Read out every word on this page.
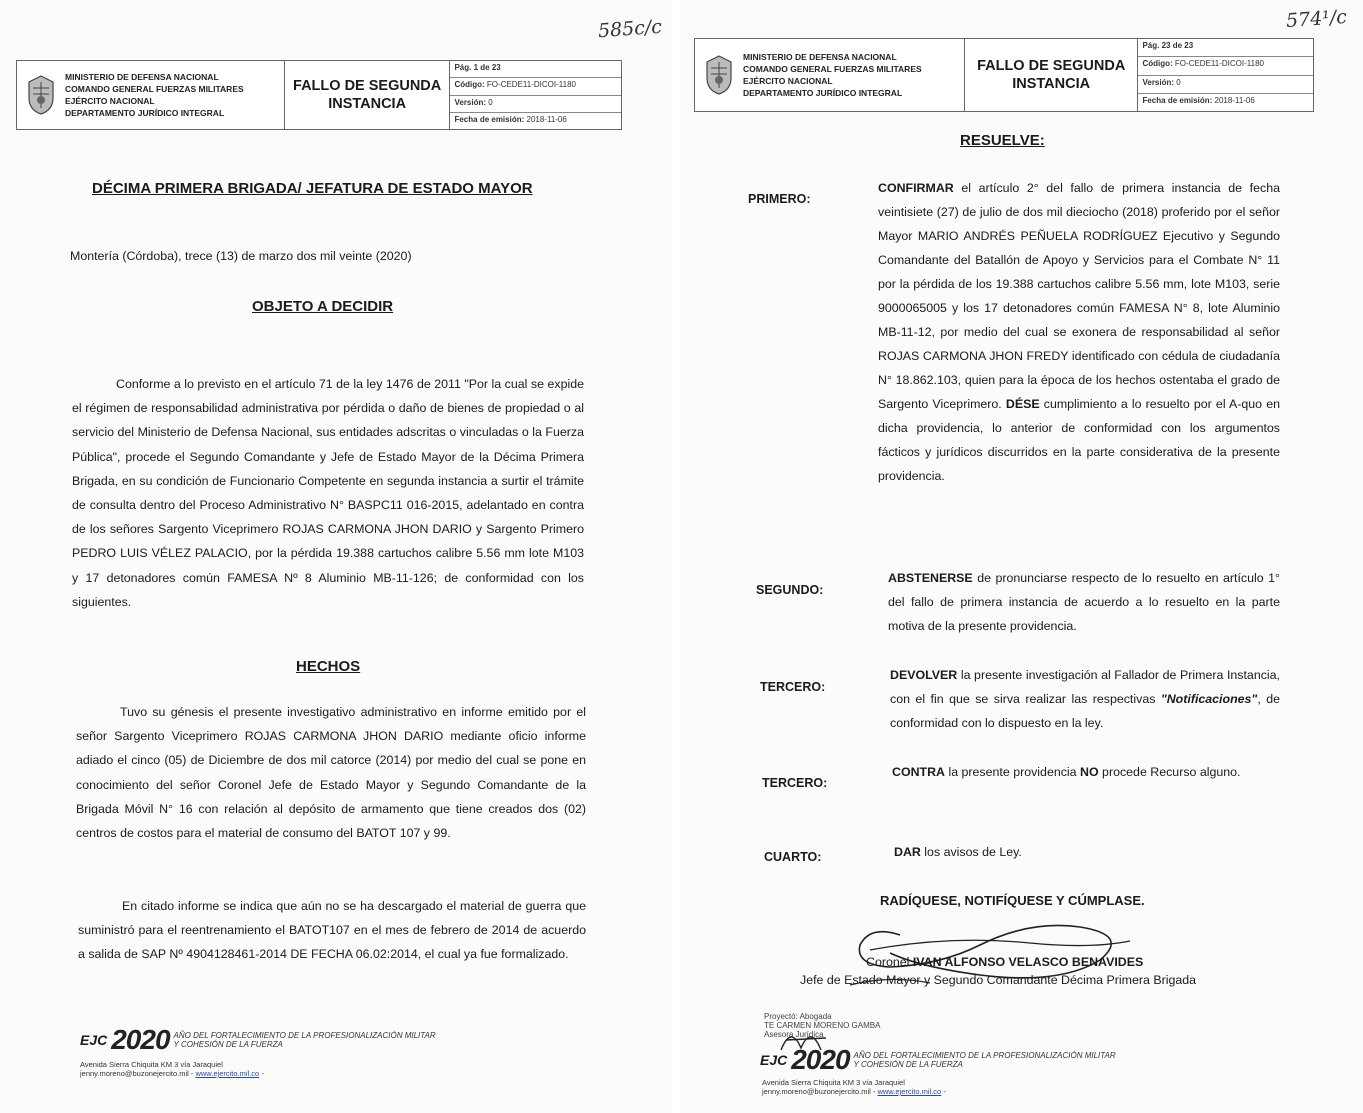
585c/c
MINISTERIO DE DEFENSA NACIONAL
COMANDO GENERAL FUERZAS MILITARES
EJÉRCITO NACIONAL
DEPARTAMENTO JURÍDICO INTEGRAL
FALLO DE SEGUNDA
INSTANCIA
Pág. 1 de 23
Código: FO-CEDE11-DICOI-1180
Versión: 0
Fecha de emisión: 2018-11-06
DÉCIMA PRIMERA BRIGADA/ JEFATURA DE ESTADO MAYOR
Montería (Córdoba), trece (13) de marzo dos mil veinte (2020)
OBJETO A DECIDIR

Conforme a lo previsto en el artículo 71 de la ley 1476 de 2011 "Por la cual se expide el régimen de responsabilidad administrativa por pérdida o daño de bienes de propiedad o al servicio del Ministerio de Defensa Nacional, sus entidades adscritas o vinculadas o la Fuerza Pública", procede el Segundo Comandante y Jefe de Estado Mayor de la Décima Primera Brigada, en su condición de Funcionario Competente en segunda instancia a surtir el trámite de consulta dentro del Proceso Administrativo N° BASPC11 016-2015, adelantado en contra de los señores Sargento Viceprimero ROJAS CARMONA JHON DARIO y Sargento Primero PEDRO LUIS VÉLEZ PALACIO, por la pérdida 19.388 cartuchos calibre 5.56 mm lote M103 y 17 detonadores común FAMESA Nº 8 Aluminio MB-11-126; de conformidad con los siguientes.

HECHOS

Tuvo su génesis el presente investigativo administrativo en informe emitido por el señor Sargento Viceprimero ROJAS CARMONA JHON DARIO mediante oficio informe adiado el cinco (05) de Diciembre de dos mil catorce (2014) por medio del cual se pone en conocimiento del señor Coronel Jefe de Estado Mayor y Segundo Comandante de la Brigada Móvil N° 16 con relación al depósito de armamento que tiene creados dos (02) centros de costos para el material de consumo del BATOT 107 y 99.

En citado informe se indica que aún no se ha descargado el material de guerra que suministró para el reentrenamiento el BATOT107 en el mes de febrero de 2014 de acuerdo a salida de SAP Nº 4904128461-2014 DE FECHA 06.02:2014, el cual ya fue formalizado.

EJC 2020 AÑO DEL FORTALECIMIENTO DE LA PROFESIONALIZACIÓN MILITAR
Y COHESIÓN DE LA FUERZA
Avenida Sierra Chiquita KM 3 vía Jaraquiel
jenny.moreno@buzonejercito.mil - www.ejercito.mil.co -
574¹/c
MINISTERIO DE DEFENSA NACIONAL
COMANDO GENERAL FUERZAS MILITARES
EJÉRCITO NACIONAL
DEPARTAMENTO JURÍDICO INTEGRAL
FALLO DE SEGUNDA
INSTANCIA
Pág. 23 de 23
Código: FO-CEDE11-DICOI-1180
Versión: 0
Fecha de emisión: 2018-11-06
RESUELVE:
PRIMERO:
CONFIRMAR el artículo 2° del fallo de primera instancia de fecha veintisiete (27) de julio de dos mil dieciocho (2018) proferido por el señor Mayor MARIO ANDRÉS PEÑUELA RODRÍGUEZ Ejecutivo y Segundo Comandante del Batallón de Apoyo y Servicios para el Combate N° 11 por la pérdida de los 19.388 cartuchos calibre 5.56 mm, lote M103, serie 9000065005 y los 17 detonadores común FAMESA N° 8, lote Aluminio MB-11-12, por medio del cual se exonera de responsabilidad al señor ROJAS CARMONA JHON FREDY identificado con cédula de ciudadanía N° 18.862.103, quien para la época de los hechos ostentaba el grado de Sargento Viceprimero. DÉSE cumplimiento a lo resuelto por el A-quo en dicha providencia, lo anterior de conformidad con los argumentos fácticos y jurídicos discurridos en la parte considerativa de la presente providencia.
SEGUNDO:
ABSTENERSE de pronunciarse respecto de lo resuelto en artículo 1° del fallo de primera instancia de acuerdo a lo resuelto en la parte motiva de la presente providencia.
TERCERO:
DEVOLVER la presente investigación al Fallador de Primera Instancia, con el fin que se sirva realizar las respectivas "Notificaciones", de conformidad con lo dispuesto en la ley.
TERCERO:
CONTRA la presente providencia NO procede Recurso alguno.
CUARTO:	DAR los avisos de Ley.
RADÍQUESE, NOTIFÍQUESE Y CÚMPLASE.
Coronel IVAN ALFONSO VELASCO BENAVIDES
Jefe de Estado Mayor y Segundo Comandante Décima Primera Brigada
Proyectó: Abogada
TE CARMEN MORENO GAMBA
Asesora Jurídica
EJC 2020 AÑO DEL FORTALECIMIENTO DE LA PROFESIONALIZACIÓN MILITAR
Y COHESIÓN DE LA FUERZA
Avenida Sierra Chiquita KM 3 vía Jaraquiel
jenny.moreno@buzonejercito.mil - www.ejercito.mil.co -
